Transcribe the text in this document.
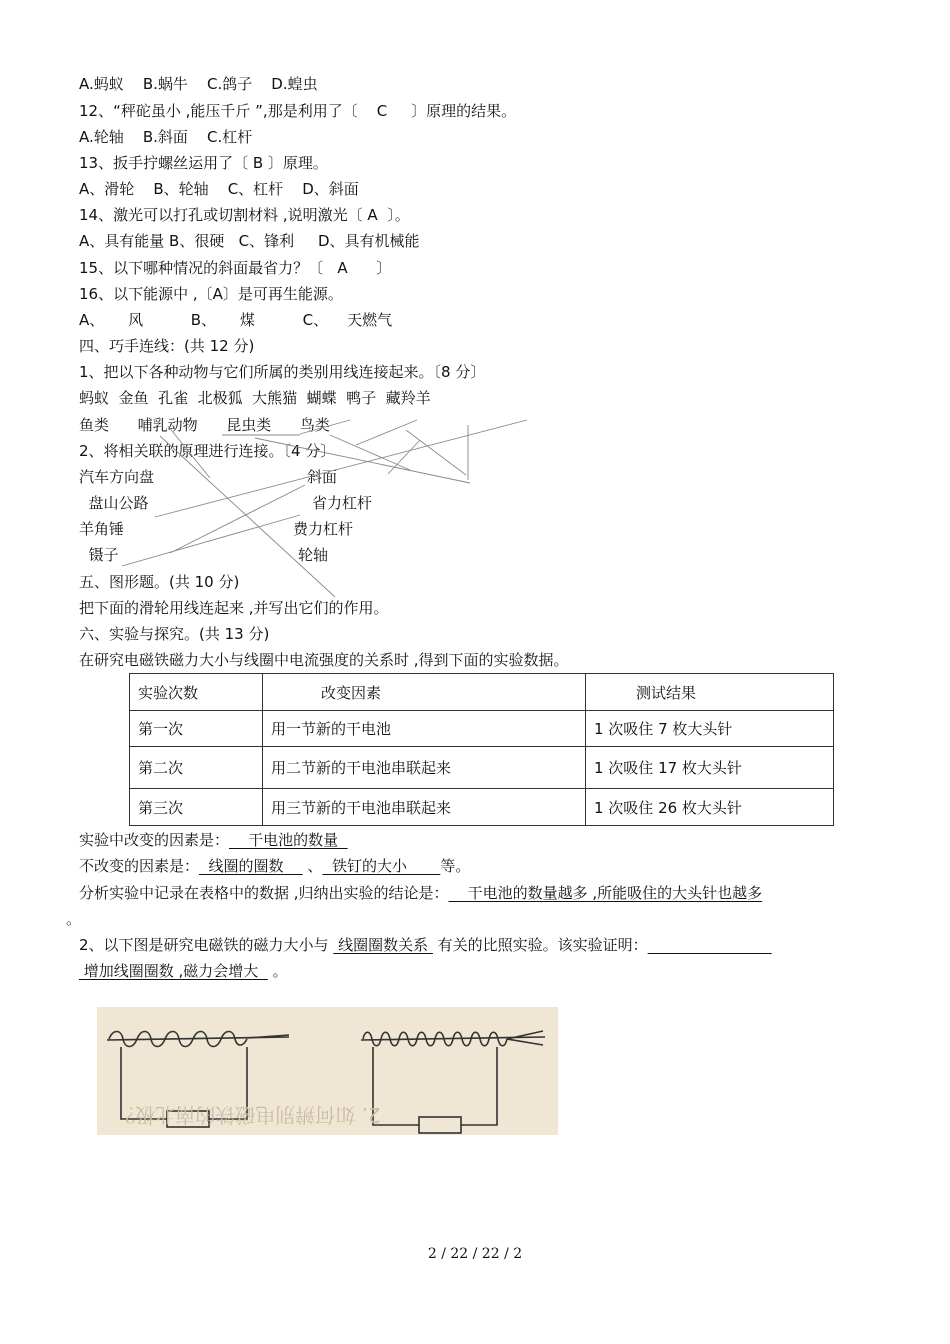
A.蚂蚁    B.蜗牛    C.鸽子    D.蝗虫
12、“秤砣虽小 ,能压千斤 ”,那是利用了〔    C     〕原理的结果。
A.轮轴    B.斜面    C.杠杆
13、扳手拧螺丝运用了〔 B 〕原理。
A、滑轮    B、轮轴    C、杠杆    D、斜面
14、激光可以打孔或切割材料 ,说明激光〔 A  〕。
A、具有能量 B、很硬   C、锋利     D、具有机械能
15、以下哪种情况的斜面最省力？〔   A      〕
16、以下能源中 ,〔A〕是可再生能源。
A、     风          B、     煤          C、    天燃气
四、巧手连线：(共 12 分)
1、把以下各种动物与它们所属的类别用线连接起来。〔8 分〕
蚂蚁  金鱼  孔雀  北极狐  大熊猫  蝴蝶  鸭子  藏羚羊
鱼类      哺乳动物      昆虫类      鸟类
2、将相关联的原理进行连接。〔4 分〕
汽车方向盘
盘山公路
羊角锤
镊子
斜面
省力杠杆
费力杠杆
轮轴
五、图形题。(共 10 分)
把下面的滑轮用线连起来 ,并写出它们的作用。
六、实验与探究。(共 13 分)
在研究电磁铁磁力大小与线圈中电流强度的关系时 ,得到下面的实验数据。
实验次数	改变因素	测试结果
第一次	用一节新的干电池	1 次吸住 7 枚大头针
第二次	用二节新的干电池串联起来	1 次吸住 17 枚大头针
第三次	用三节新的干电池串联起来	1 次吸住 26 枚大头针
实验中改变的因素是：    干电池的数量
不改变的因素是：  线圈的圈数     、  铁钉的大小       等。
分析实验中记录在表格中的数据 ,归纳出实验的结论是：    干电池的数量越多 ,所能吸住的大头针也越多
。
2、以下图是研究电磁铁的磁力大小与  线圈圈数关系  有关的比照实验。该实验证明：
增加线圈圈数 ,磁力会增大   。
2. 如何辨别电磁铁的南北极？
2 / 22 / 22 / 2
